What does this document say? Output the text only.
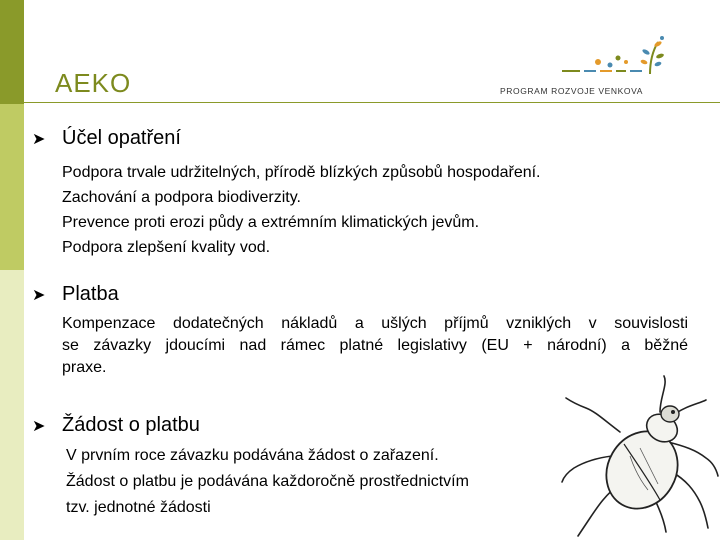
AEKO	PROGRAM ROZVOJE VENKOVA
➤ Účel opatření
Podpora trvale udržitelných, přírodě blízkých způsobů hospodaření.
Zachování a podpora biodiverzity.
Prevence proti erozi půdy a extrémním klimatických jevům.
Podpora zlepšení kvality vod.
➤ Platba
Kompenzace dodatečných nákladů a ušlých příjmů vzniklých v souvislosti
se závazky jdoucími nad rámec platné legislativy (EU + národní) a běžné
praxe.
➤ Žádost o platbu
V prvním roce závazku podávána žádost o zařazení.
Žádost o platbu je podávána každoročně prostřednictvím
tzv. jednotné žádosti
